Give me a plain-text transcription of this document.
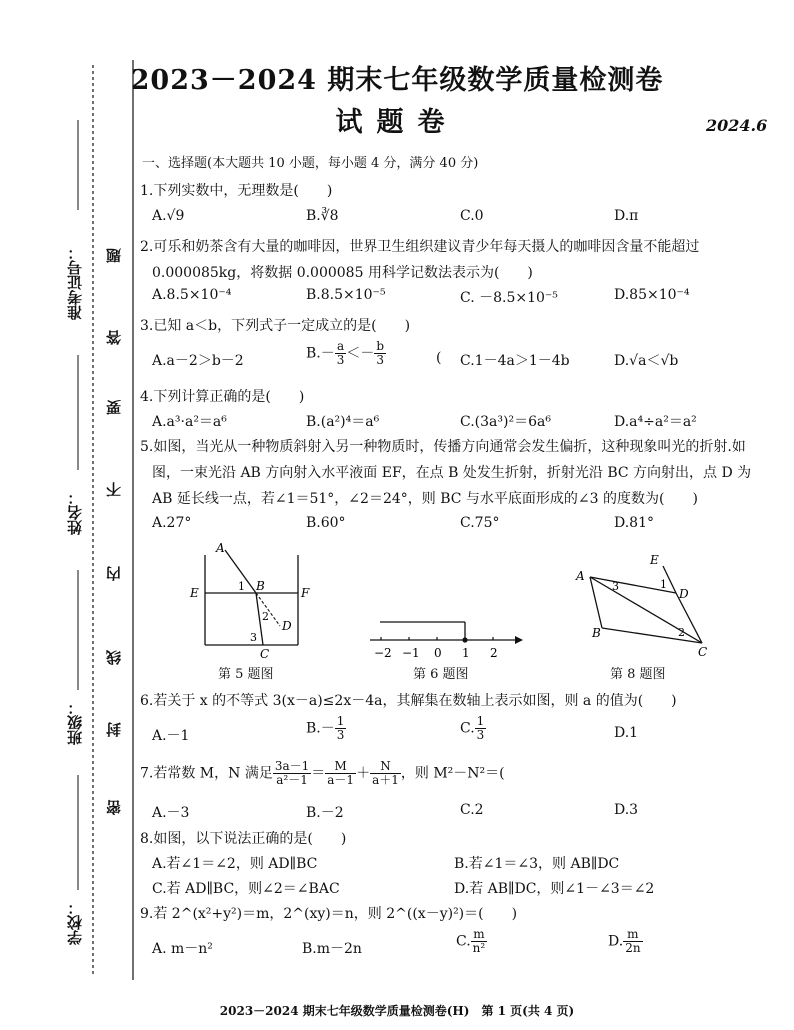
学校：
班级：
姓名：
准考证号： 题
答
要
不
内
线
封
密
2023－2024 期末七年级数学质量检测卷
试题卷	2024.6
一、选择题(本大题共 10 小题，每小题 4 分，满分 40 分)
1.下列实数中，无理数是(　　)
A.√9	B.∛8	C.0	D.π
2.可乐和奶茶含有大量的咖啡因，世界卫生组织建议青少年每天摄人的咖啡因含量不能超过
0.000085kg，将数据 0.000085 用科学记数法表示为(　　)
A.8.5×10⁻⁴	B.8.5×10⁻⁵	C. －8.5×10⁻⁵	D.85×10⁻⁴
3.已知 a＜b，下列式子一定成立的是(　　)
A.a－2＞b－2	$B.- \frac{a}{3} <- \frac{b}{3}$	( C.1－4a＞1－4b	D.√a＜√b
4.下列计算正确的是(　　)
A.a³·a²＝a⁶	B.(a²)⁴＝a⁶	C.(3a³)²＝6a⁶	D.a⁴÷a²＝a²
5.如图，当光从一种物质斜射入另一种物质时，传播方向通常会发生偏折，这种现象叫光的折射.如
图，一束光沿 AB 方向射入水平液面 EF，在点 B 处发生折射，折射光沿 BC 方向射出，点 D 为
AB 延长线一点，若∠1＝51°，∠2＝24°，则 BC 与水平底面形成的∠3 的度数为(　　)
A.27°	B.60°	C.75°	D.81°
A
B
E	F
D
C
1
2
3
第 5 题图
−2 −1 0 1 2
第 6 题图
E
A
D
B
C
1
2
3
第 8 题图
6.若关于 x 的不等式 3(x－a)≤2x－4a，其解集在数轴上表示如图，则 a 的值为(　　)
A.－1	$B.- \frac{1}{3}$	C. $\frac{1}{3}$	D.1
7.若常数 M，N 满足 $\frac{3a-1}{\text{a²－1}} = \frac{M}{a-1} + \frac{N}{a+1}$ ，则 M²－N²＝(
A.－3	B.－2	C.2	D.3
8.如图，以下说法正确的是(　　)
A.若∠1＝∠2，则 AD∥BC	B.若∠1＝∠3，则 AB∥DC
C.若 AD∥BC，则∠2＝∠BAC	D.若 AB∥DC，则∠1－∠3＝∠2
9.若 2^(x²+y²)＝m，2^(xy)＝n，则 2^((x－y)²)＝(　　)
A. m－n²	B.m－2n	C. $\frac{m}{\text{n²}}$	D. $\frac{m}{2n}$
2023－2024 期末七年级数学质量检测卷(H)　第 1 页(共 4 页)
